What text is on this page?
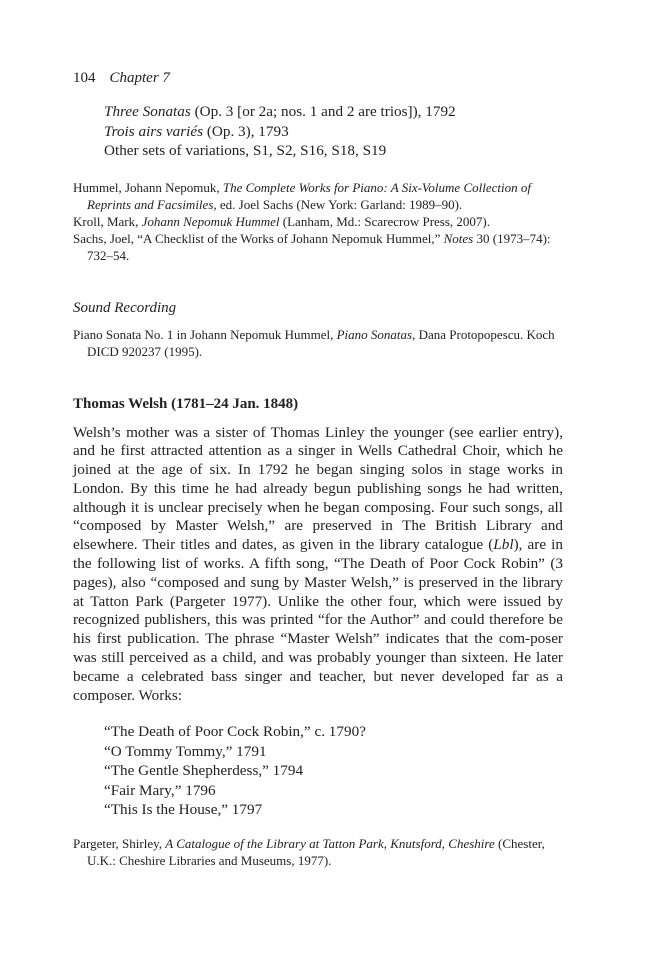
104 Chapter 7
Three Sonatas (Op. 3 [or 2a; nos. 1 and 2 are trios]), 1792
Trois airs variés (Op. 3), 1793
Other sets of variations, S1, S2, S16, S18, S19
Hummel, Johann Nepomuk, The Complete Works for Piano: A Six-Volume Collection of Reprints and Facsimiles, ed. Joel Sachs (New York: Garland: 1989–90).
Kroll, Mark, Johann Nepomuk Hummel (Lanham, Md.: Scarecrow Press, 2007).
Sachs, Joel, “A Checklist of the Works of Johann Nepomuk Hummel,” Notes 30 (1973–74): 732–54.
Sound Recording
Piano Sonata No. 1 in Johann Nepomuk Hummel, Piano Sonatas, Dana Protopopescu. Koch DICD 920237 (1995).
Thomas Welsh (1781–24 Jan. 1848)
Welsh’s mother was a sister of Thomas Linley the younger (see earlier entry), and he first attracted attention as a singer in Wells Cathedral Choir, which he joined at the age of six. In 1792 he began singing solos in stage works in London. By this time he had already begun publishing songs he had written, although it is unclear precisely when he began composing. Four such songs, all “composed by Master Welsh,” are preserved in The British Library and elsewhere. Their titles and dates, as given in the library catalogue (Lbl), are in the following list of works. A fifth song, “The Death of Poor Cock Robin” (3 pages), also “composed and sung by Master Welsh,” is preserved in the library at Tatton Park (Pargeter 1977). Unlike the other four, which were issued by recognized publishers, this was printed “for the Author” and could therefore be his first publication. The phrase “Master Welsh” indicates that the com-poser was still perceived as a child, and was probably younger than sixteen. He later became a celebrated bass singer and teacher, but never developed far as a composer. Works:
“The Death of Poor Cock Robin,” c. 1790?
“O Tommy Tommy,” 1791
“The Gentle Shepherdess,” 1794
“Fair Mary,” 1796
“This Is the House,” 1797
Pargeter, Shirley, A Catalogue of the Library at Tatton Park, Knutsford, Cheshire (Chester, U.K.: Cheshire Libraries and Museums, 1977).
